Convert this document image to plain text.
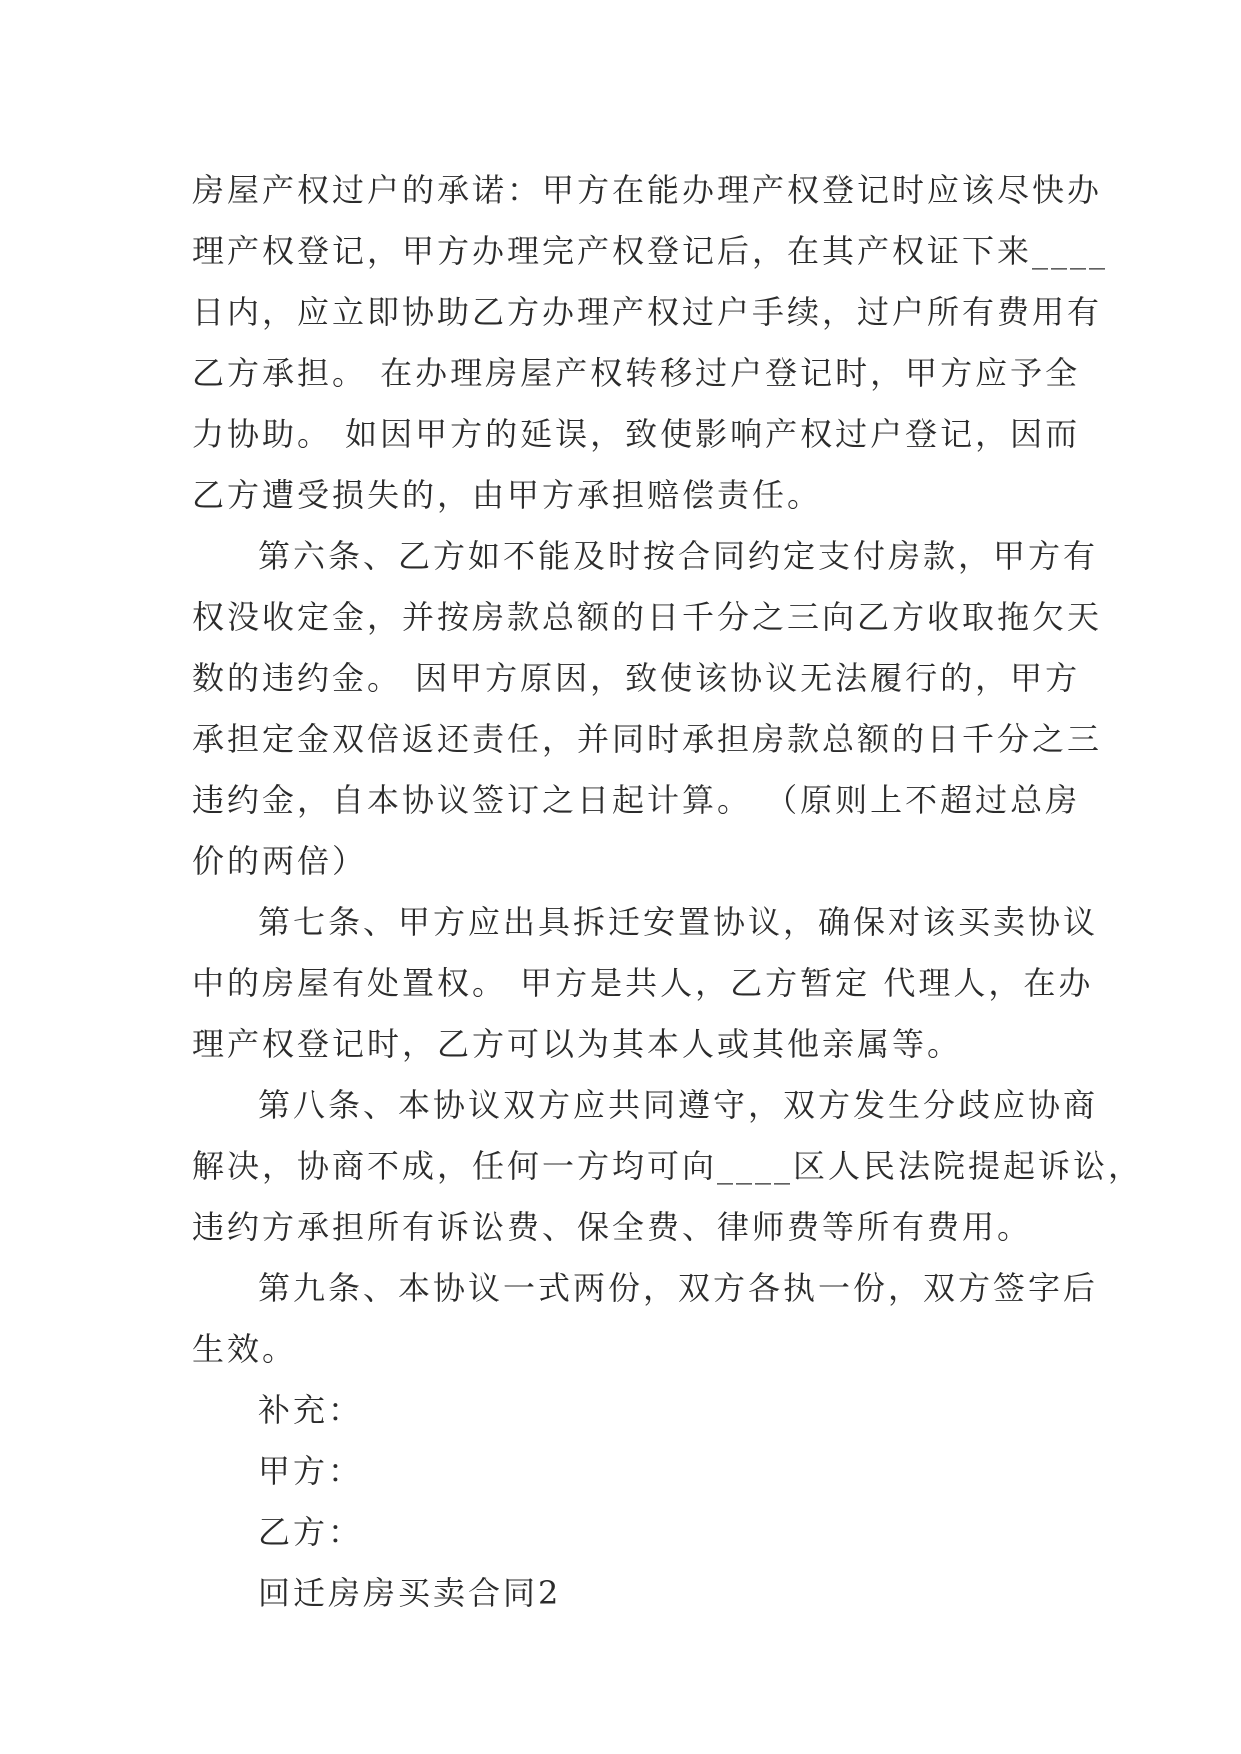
房屋产权过户的承诺：甲方在能办理产权登记时应该尽快办
理产权登记，甲方办理完产权登记后，在其产权证下来____
日内，应立即协助乙方办理产权过户手续，过户所有费用有
乙方承担。 在办理房屋产权转移过户登记时，甲方应予全
力协助。 如因甲方的延误，致使影响产权过户登记，因而
乙方遭受损失的，由甲方承担赔偿责任。
第六条、乙方如不能及时按合同约定支付房款，甲方有
权没收定金，并按房款总额的日千分之三向乙方收取拖欠天
数的违约金。 因甲方原因，致使该协议无法履行的，甲方
承担定金双倍返还责任，并同时承担房款总额的日千分之三
违约金，自本协议签订之日起计算。 （原则上不超过总房
价的两倍）
第七条、甲方应出具拆迁安置协议，确保对该买卖协议
中的房屋有处置权。 甲方是共人，乙方暂定 代理人，在办
理产权登记时，乙方可以为其本人或其他亲属等。
第八条、本协议双方应共同遵守，双方发生分歧应协商
解决，协商不成，任何一方均可向____区人民法院提起诉讼，
违约方承担所有诉讼费、保全费、律师费等所有费用。
第九条、本协议一式两份，双方各执一份，双方签字后
生效。

补充：

甲方：

乙方：

回迁房房买卖合同2
